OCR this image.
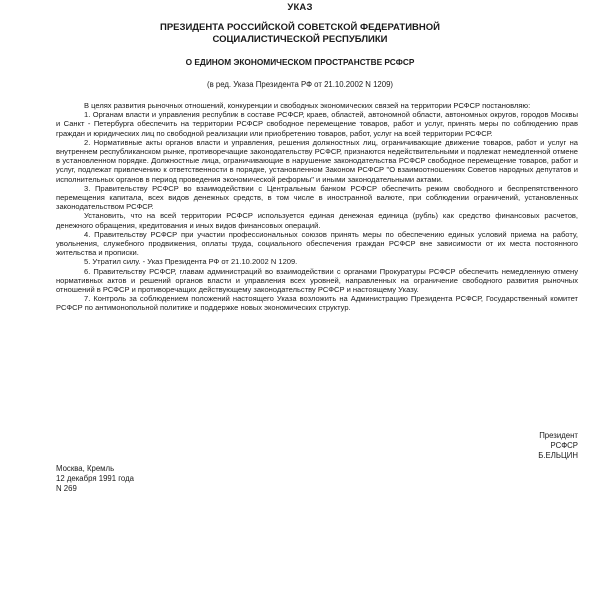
УКАЗ
ПРЕЗИДЕНТА РОССИЙСКОЙ СОВЕТСКОЙ ФЕДЕРАТИВНОЙ
СОЦИАЛИСТИЧЕСКОЙ РЕСПУБЛИКИ
О ЕДИНОМ ЭКОНОМИЧЕСКОМ ПРОСТРАНСТВЕ РСФСР
(в ред. Указа Президента РФ от 21.10.2002 N 1209)

В целях развития рыночных отношений, конкуренции и свободных экономических связей на территории РСФСР постановляю:

1. Органам власти и управления республик в составе РСФСР, краев, областей, автономной области, автономных округов, городов Москвы и Санкт - Петербурга обеспечить на территории РСФСР свободное перемещение товаров, работ и услуг, принять меры по соблюдению прав граждан и юридических лиц по свободной реализации или приобретению товаров, работ, услуг на всей территории РСФСР.

2. Нормативные акты органов власти и управления, решения должностных лиц, ограничивающие движение товаров, работ и услуг на внутреннем республиканском рынке, противоречащие законодательству РСФСР, признаются недействительными и подлежат немедленной отмене в установленном порядке. Должностные лица, ограничивающие в нарушение законодательства РСФСР свободное перемещение товаров, работ и услуг, подлежат привлечению к ответственности в порядке, установленном Законом РСФСР "О взаимоотношениях Советов народных депутатов и исполнительных органов в период проведения экономической реформы" и иными законодательными актами.

3. Правительству РСФСР во взаимодействии с Центральным банком РСФСР обеспечить режим свободного и беспрепятственного перемещения капитала, всех видов денежных средств, в том числе в иностранной валюте, при соблюдении ограничений, установленных законодательством РСФСР.

Установить, что на всей территории РСФСР используется единая денежная единица (рубль) как средство финансовых расчетов, денежного обращения, кредитования и иных видов финансовых операций.

4. Правительству РСФСР при участии профессиональных союзов принять меры по обеспечению единых условий приема на работу, увольнения, служебного продвижения, оплаты труда, социального обеспечения граждан РСФСР вне зависимости от их места постоянного жительства и прописки.

5. Утратил силу. - Указ Президента РФ от 21.10.2002 N 1209.

6. Правительству РСФСР, главам администраций во взаимодействии с органами Прокуратуры РСФСР обеспечить немедленную отмену нормативных актов и решений органов власти и управления всех уровней, направленных на ограничение свободного развития рыночных отношений в РСФСР и противоречащих действующему законодательству РСФСР и настоящему Указу.

7. Контроль за соблюдением положений настоящего Указа возложить на Администрацию Президента РСФСР, Государственный комитет РСФСР по антимонопольной политике и поддержке новых экономических структур.

Президент
РСФСР
Б.ЕЛЬЦИН
Москва, Кремль
12 декабря 1991 года
N 269
